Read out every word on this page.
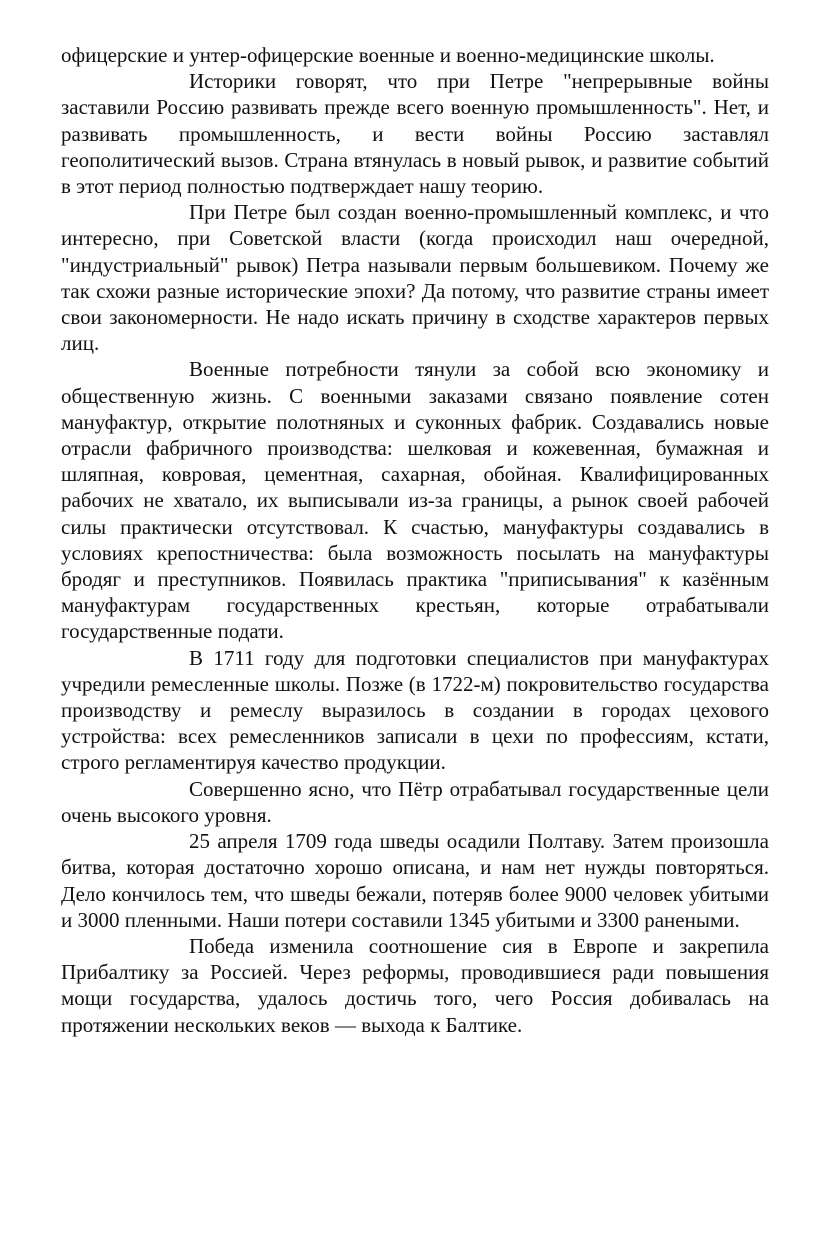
офицерские и унтер-офицерские военные и военно-медицинские школы.

Историки говорят, что при Петре "непрерывные войны заставили Россию развивать прежде всего военную промышленность". Нет, и развивать промышленность, и вести войны Россию заставлял геополитический вызов. Страна втянулась в новый рывок, и развитие событий в этот период полностью подтверждает нашу теорию.

При Петре был создан военно-промышленный комплекс, и что интересно, при Советской власти (когда происходил наш очередной, "индустриальный" рывок) Петра называли первым большевиком. Почему же так схожи разные исторические эпохи? Да потому, что развитие страны имеет свои закономерности. Не надо искать причину в сходстве характеров первых лиц.

Военные потребности тянули за собой всю экономику и общественную жизнь. С военными заказами связано появление сотен мануфактур, открытие полотняных и суконных фабрик. Создавались новые отрасли фабричного производства: шелковая и кожевенная, бумажная и шляпная, ковровая, цементная, сахарная, обойная. Квалифицированных рабочих не хватало, их выписывали из-за границы, а рынок своей рабочей силы практически отсутствовал. К счастью, мануфактуры создавались в условиях крепостничества: была возможность посылать на мануфактуры бродяг и преступников. Появилась практика "приписывания" к казённым мануфактурам государственных крестьян, которые отрабатывали государственные подати.

В 1711 году для подготовки специалистов при мануфактурах учредили ремесленные школы. Позже (в 1722-м) покровительство государства производству и ремеслу выразилось в создании в городах цехового устройства: всех ремесленников записали в цехи по профессиям, кстати, строго регламентируя качество продукции.

Совершенно ясно, что Пётр отрабатывал государственные цели очень высокого уровня.

25 апреля 1709 года шведы осадили Полтаву. Затем произошла битва, которая достаточно хорошо описана, и нам нет нужды повторяться. Дело кончилось тем, что шведы бежали, потеряв более 9000 человек убитыми и 3000 пленными. Наши потери составили 1345 убитыми и 3300 ранеными.

Победа изменила соотношение сия в Европе и закрепила Прибалтику за Россией. Через реформы, проводившиеся ради повышения мощи государства, удалось достичь того, чего Россия добивалась на протяжении нескольких веков — выхода к Балтике.
